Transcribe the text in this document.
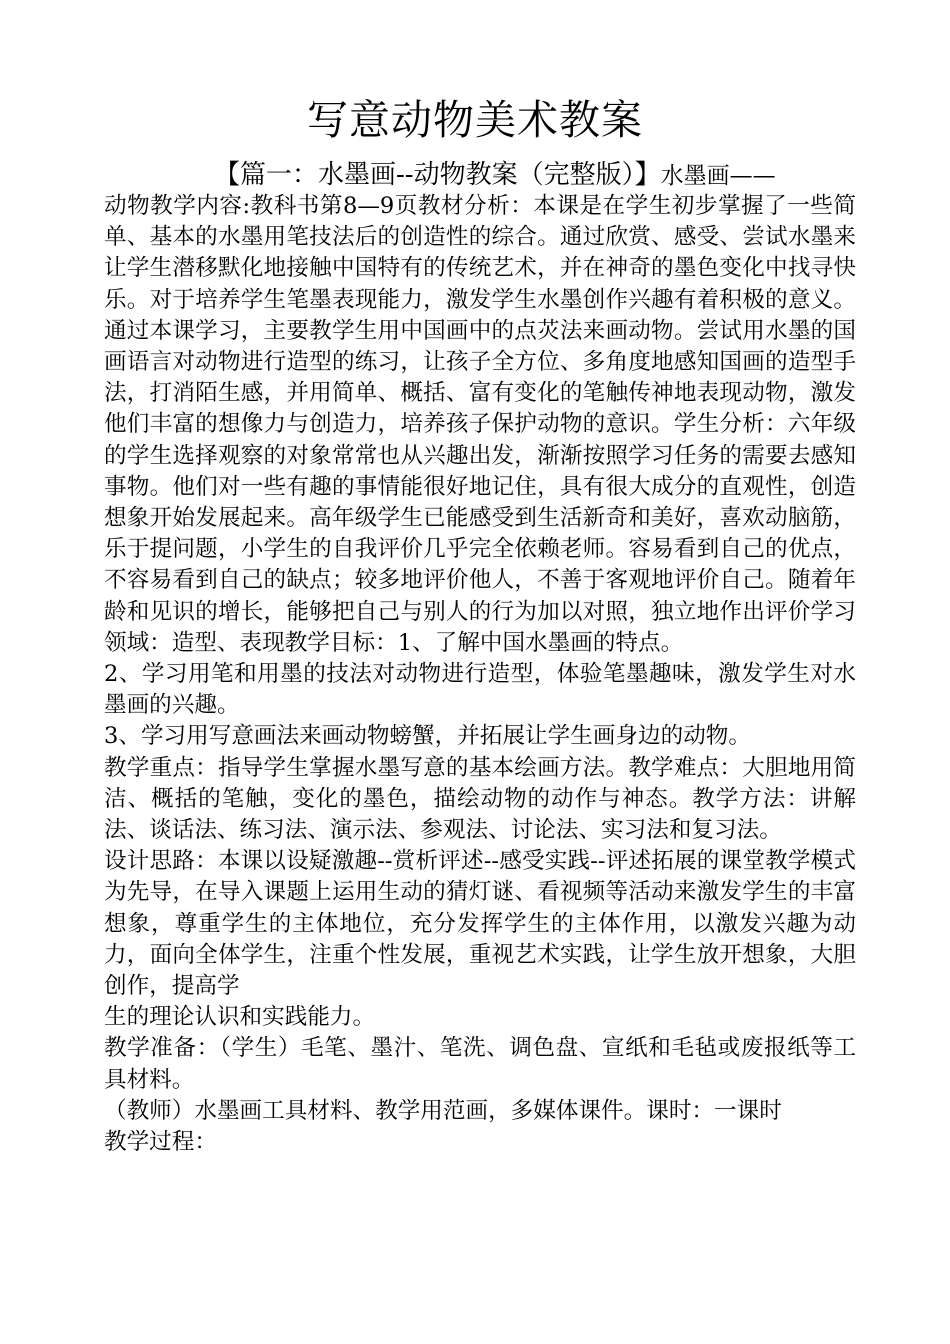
写意动物美术教案
【篇一：水墨画--动物教案（完整版）】水墨画——

动物教学内容:教科书第8—9页教材分析：本课是在学生初步掌握了一些简单、基本的水墨用笔技法后的创造性的综合。通过欣赏、感受、尝试水墨来让学生潜移默化地接触中国特有的传统艺术，并在神奇的墨色变化中找寻快乐。对于培养学生笔墨表现能力，激发学生水墨创作兴趣有着积极的意义。通过本课学习，主要教学生用中国画中的点苂法来画动物。尝试用水墨的国画语言对动物进行造型的练习，让孩子全方位、多角度地感知国画的造型手法，打消陌生感，并用简单、概括、富有变化的笔触传神地表现动物，激发他们丰富的想像力与创造力，培养孩子保护动物的意识。学生分析：六年级的学生选择观察的对象常常也从兴趣出发，渐渐按照学习任务的需要去感知事物。他们对一些有趣的事情能很好地记住，具有很大成分的直观性，创造想象开始发展起来。高年级学生已能感受到生活新奇和美好，喜欢动脑筋，乐于提问题，小学生的自我评价几乎完全依赖老师。容易看到自己的优点，不容易看到自己的缺点；较多地评价他人，不善于客观地评价自己。随着年龄和见识的增长，能够把自己与别人的行为加以对照，独立地作出评价学习领域：造型、表现教学目标：1、了解中国水墨画的特点。

2、学习用笔和用墨的技法对动物进行造型，体验笔墨趣味，激发学生对水墨画的兴趣。

3、学习用写意画法来画动物螃蟹，并拓展让学生画身边的动物。

教学重点：指导学生掌握水墨写意的基本绘画方法。教学难点：大胆地用简洁、概括的笔触，变化的墨色，描绘动物的动作与神态。教学方法：讲解法、谈话法、练习法、演示法、参观法、讨论法、实习法和复习法。

设计思路：本课以设疑激趣--赏析评述--感受实践--评述拓展的课堂教学模式为先导，在导入课题上运用生动的猜灯谜、看视频等活动来激发学生的丰富想象，尊重学生的主体地位，充分发挥学生的主体作用，以激发兴趣为动力，面向全体学生，注重个性发展，重视艺术实践，让学生放开想象，大胆创作，提高学

生的理论认识和实践能力。

教学准备：（学生）毛笔、墨汁、笔洗、调色盘、宣纸和毛毡或废报纸等工具材料。

（教师）水墨画工具材料、教学用范画，多媒体课件。课时：一课时

教学过程：
